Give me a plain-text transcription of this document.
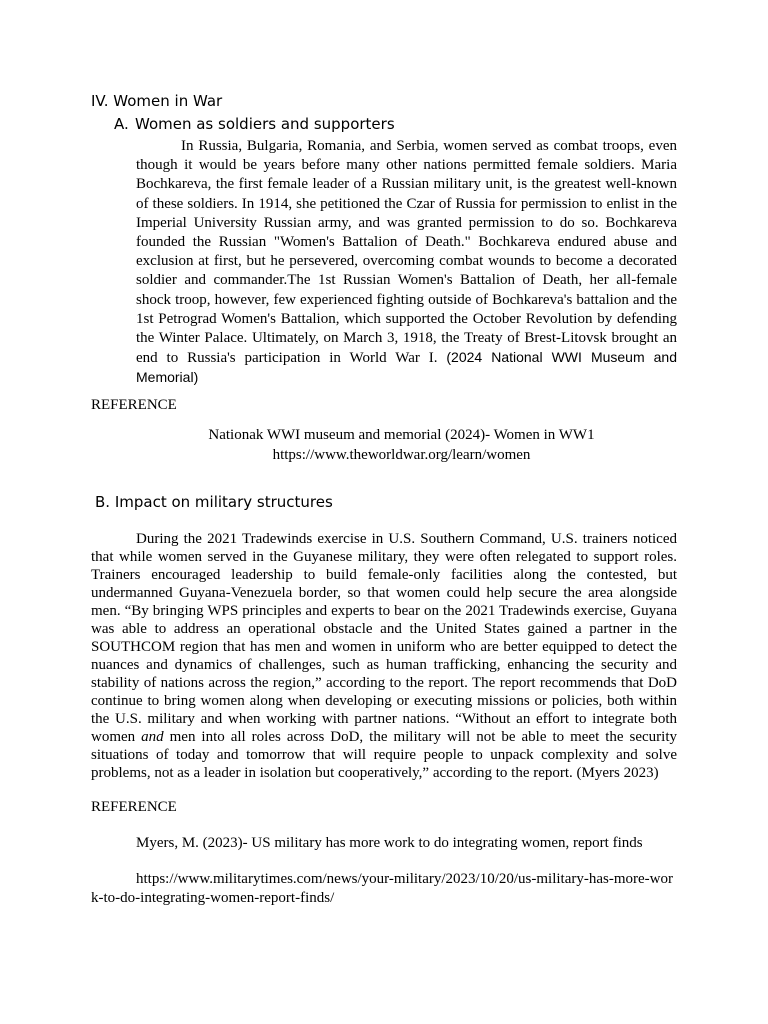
IV. Women in War
A. Women as soldiers and supporters
In Russia, Bulgaria, Romania, and Serbia, women served as combat troops, even though it would be years before many other nations permitted female soldiers. Maria Bochkareva, the first female leader of a Russian military unit, is the greatest well-known of these soldiers. In 1914, she petitioned the Czar of Russia for permission to enlist in the Imperial University Russian army, and was granted permission to do so. Bochkareva founded the Russian "Women's Battalion of Death." Bochkareva endured abuse and exclusion at first, but he persevered, overcoming combat wounds to become a decorated soldier and commander.The 1st Russian Women's Battalion of Death, her all-female shock troop, however, few experienced fighting outside of Bochkareva's battalion and the 1st Petrograd Women's Battalion, which supported the October Revolution by defending the Winter Palace. Ultimately, on March 3, 1918, the Treaty of Brest-Litovsk brought an end to Russia's participation in World War I. (2024 National WWI Museum and Memorial)
REFERENCE
Nationak WWI museum and memorial (2024)- Women in WW1
https://www.theworldwar.org/learn/women
B. Impact on military structures
During the 2021 Tradewinds exercise in U.S. Southern Command, U.S. trainers noticed that while women served in the Guyanese military, they were often relegated to support roles. Trainers encouraged leadership to build female-only facilities along the contested, but undermanned Guyana-Venezuela border, so that women could help secure the area alongside men. “By bringing WPS principles and experts to bear on the 2021 Tradewinds exercise, Guyana was able to address an operational obstacle and the United States gained a partner in the SOUTHCOM region that has men and women in uniform who are better equipped to detect the nuances and dynamics of challenges, such as human trafficking, enhancing the security and stability of nations across the region,” according to the report. The report recommends that DoD continue to bring women along when developing or executing missions or policies, both within the U.S. military and when working with partner nations. “Without an effort to integrate both women and men into all roles across DoD, the military will not be able to meet the security situations of today and tomorrow that will require people to unpack complexity and solve problems, not as a leader in isolation but cooperatively,” according to the report. (Myers 2023)
REFERENCE
Myers, M. (2023)- US military has more work to do integrating women, report finds
https://www.militarytimes.com/news/your-military/2023/10/20/us-military-has-more-work-to-do-integrating-women-report-finds/
